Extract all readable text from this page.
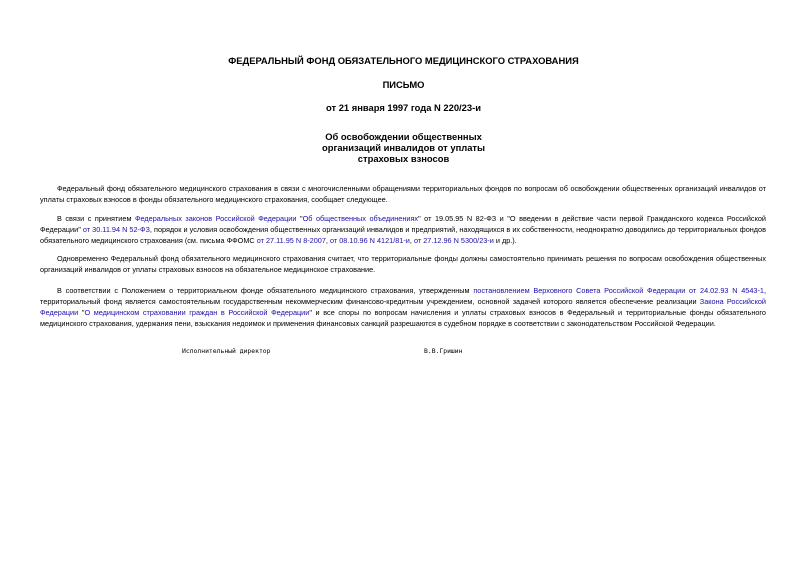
ФЕДЕРАЛЬНЫЙ ФОНД ОБЯЗАТЕЛЬНОГО МЕДИЦИНСКОГО СТРАХОВАНИЯ
ПИСЬМО
от 21 января 1997 года N 220/23-и
Об освобождении общественных
организаций инвалидов от уплаты
страховых взносов
Федеральный фонд обязательного медицинского страхования в связи с многочисленными обращениями территориальных фондов по вопросам об освобождении общественных организаций инвалидов от уплаты страховых взносов в фонды обязательного медицинского страхования, сообщает следующее.
В связи с принятием Федеральных законов Российской Федерации "Об общественных объединениях" от 19.05.95 N 82-ФЗ и "О введении в действие части первой Гражданского кодекса Российской Федерации" от 30.11.94 N 52-ФЗ, порядок и условия освобождения общественных организаций инвалидов и предприятий, находящихся в их собственности, неоднократно доводились до территориальных фондов обязательного медицинского страхования (см. письма ФФОМС от 27.11.95 N 8-2007, от 08.10.96 N 4121/81-и, от 27.12.96 N 5300/23-и и др.).
Одновременно Федеральный фонд обязательного медицинского страхования считает, что территориальные фонды должны самостоятельно принимать решения по вопросам освобождения общественных организаций инвалидов от уплаты страховых взносов на обязательное медицинское страхование.
В соответствии с Положением о территориальном фонде обязательного медицинского страхования, утвержденным постановлением Верховного Совета Российской Федерации от 24.02.93 N 4543-1, территориальный фонд является самостоятельным государственным некоммерческим финансово-кредитным учреждением, основной задачей которого является обеспечение реализации Закона Российской Федерации "О медицинском страховании граждан в Российской Федерации" и все споры по вопросам начисления и уплаты страховых взносов в Федеральный и территориальные фонды обязательного медицинского страхования, удержания пени, взыскания недоимок и применения финансовых санкций разрешаются в судебном порядке в соответствии с законодательством Российской Федерации.
Исполнительный директор	В.В.Гришин
